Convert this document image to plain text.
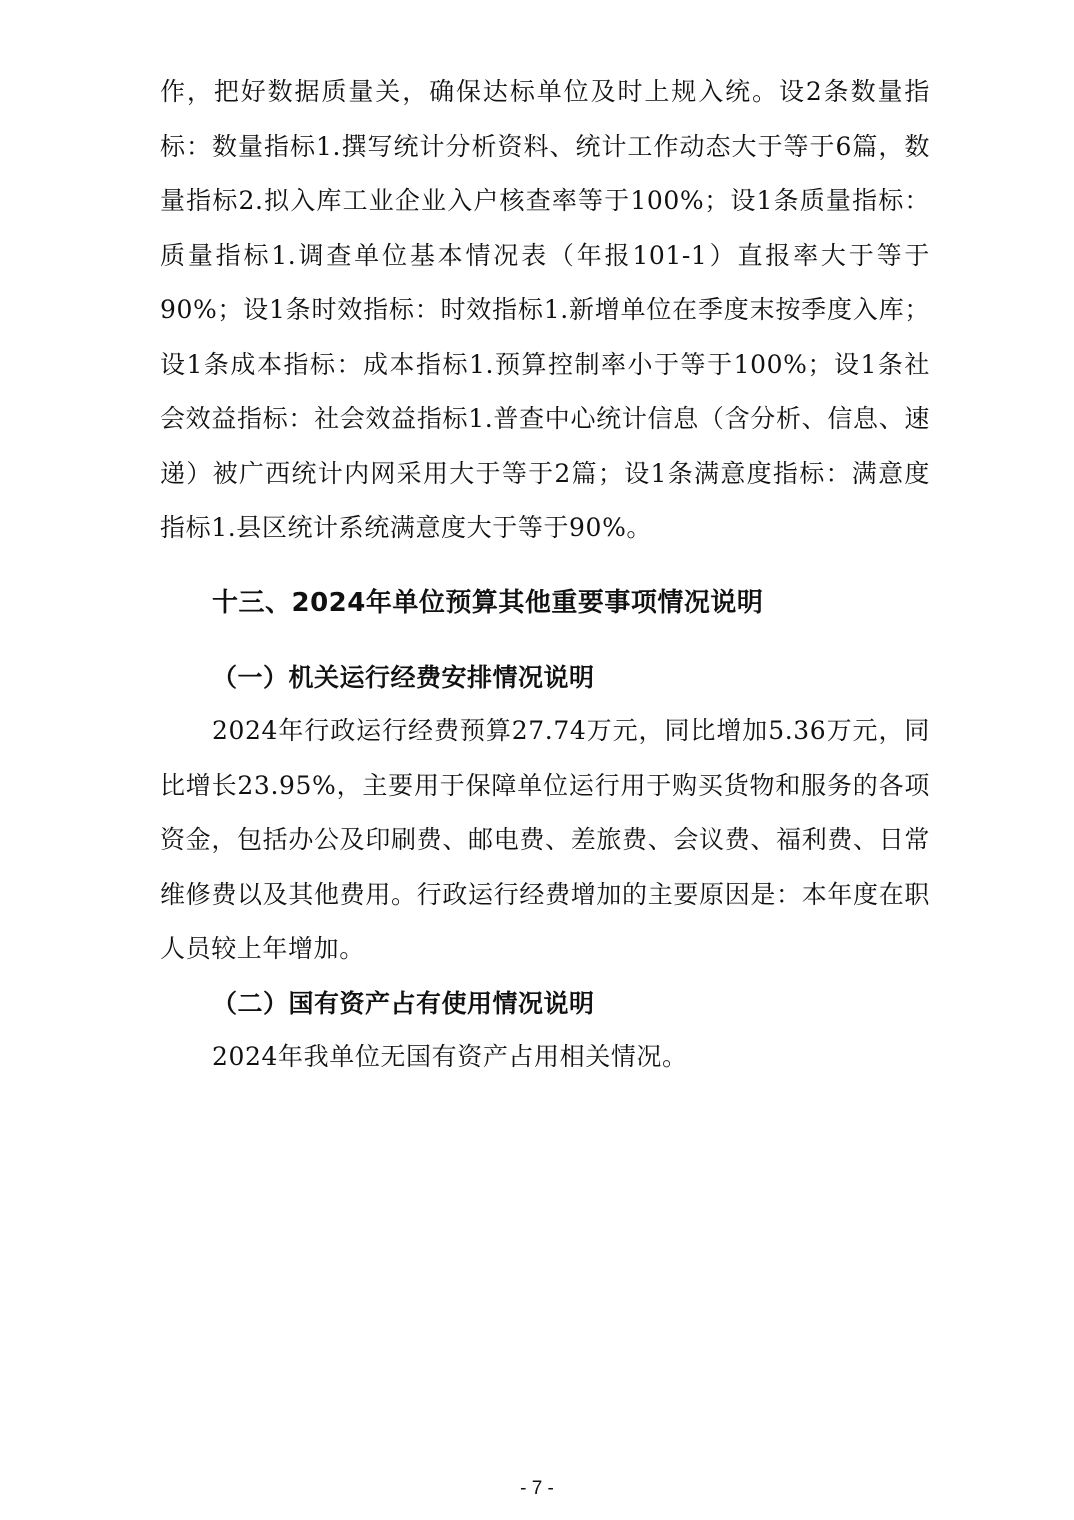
作，把好数据质量关，确保达标单位及时上规入统。设2条数量指标：数量指标1.撰写统计分析资料、统计工作动态大于等于6篇，数量指标2.拟入库工业企业入户核查率等于100%；设1条质量指标：质量指标1.调查单位基本情况表（年报101-1）直报率大于等于90%；设1条时效指标：时效指标1.新增单位在季度末按季度入库；设1条成本指标：成本指标1.预算控制率小于等于100%；设1条社会效益指标：社会效益指标1.普查中心统计信息（含分析、信息、速递）被广西统计内网采用大于等于2篇；设1条满意度指标：满意度指标1.县区统计系统满意度大于等于90%。

十三、2024年单位预算其他重要事项情况说明
（一）机关运行经费安排情况说明

2024年行政运行经费预算27.74万元，同比增加5.36万元，同比增长23.95%，主要用于保障单位运行用于购买货物和服务的各项资金，包括办公及印刷费、邮电费、差旅费、会议费、福利费、日常维修费以及其他费用。行政运行经费增加的主要原因是：本年度在职人员较上年增加。

（二）国有资产占有使用情况说明

2024年我单位无国有资产占用相关情况。

- 7 -
